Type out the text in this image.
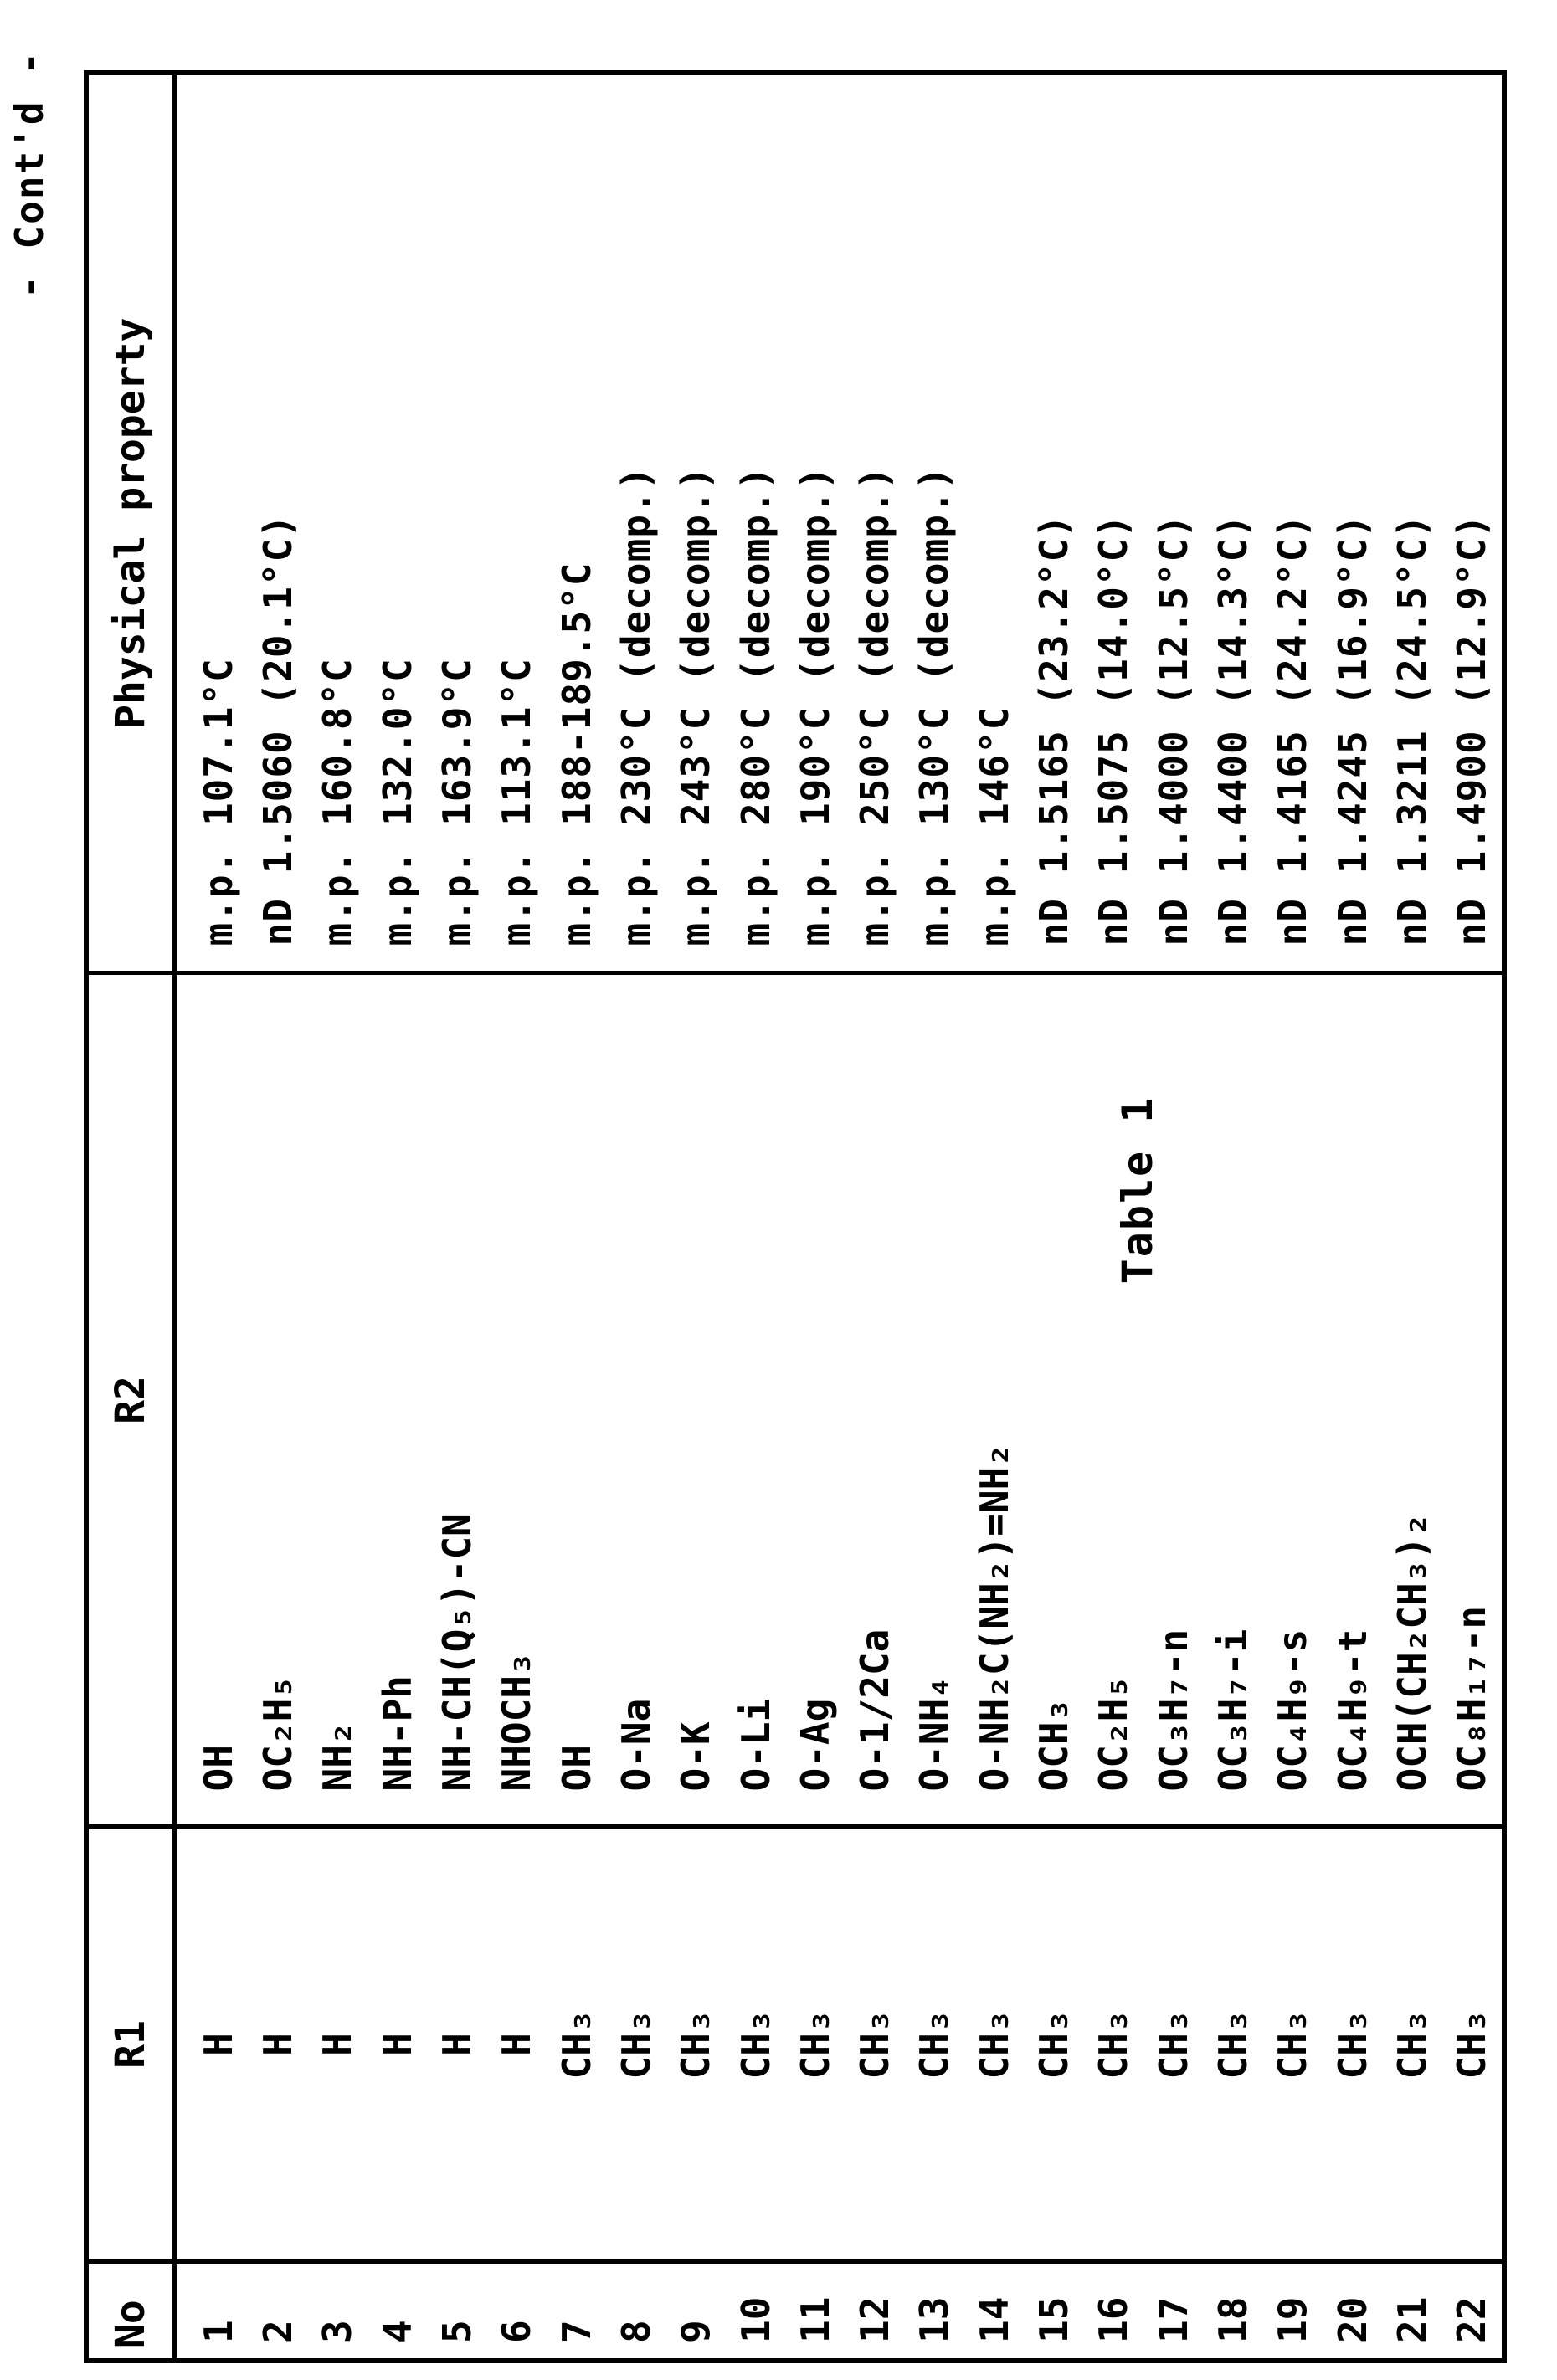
No	R1	R2	Physical property
1	H	OH	m.p. 107.1°C
2	H	OC₂H₅	nD 1.5060 (20.1°C)
3	H	NH₂	m.p. 160.8°C
4	H	NH-Ph	m.p. 132.0°C
5	H	NH-CH(Q₅)-CN	m.p. 163.9°C
6	H	NHOCH₃	m.p. 113.1°C
7	CH₃	OH	m.p. 188-189.5°C
8	CH₃	O-Na	m.p. 230°C (decomp.)
9	CH₃	O-K	m.p. 243°C (decomp.)
10	CH₃	O-Li	m.p. 280°C (decomp.)
11	CH₃	O-Ag	m.p. 190°C (decomp.)
12	CH₃	O-1/2Ca	m.p. 250°C (decomp.)
13	CH₃	O-NH₄	m.p. 130°C (decomp.)
14	CH₃	O-NH₂C(NH₂)=NH₂	m.p. 146°C
15	CH₃	OCH₃	nD 1.5165 (23.2°C)
16	CH₃	OC₂H₅	nD 1.5075 (14.0°C)
17	CH₃	OC₃H₇-n	nD 1.4000 (12.5°C)
18	CH₃	OC₃H₇-i	nD 1.4400 (14.3°C)
19	CH₃	OC₄H₉-s	nD 1.4165 (24.2°C)
20	CH₃	OC₄H₉-t	nD 1.4245 (16.9°C)
21	CH₃	OCH(CH₂CH₃)₂	nD 1.3211 (24.5°C)
22	CH₃	OC₈H₁₇-n	nD 1.4900 (12.9°C)
Table 1
- Cont'd -
